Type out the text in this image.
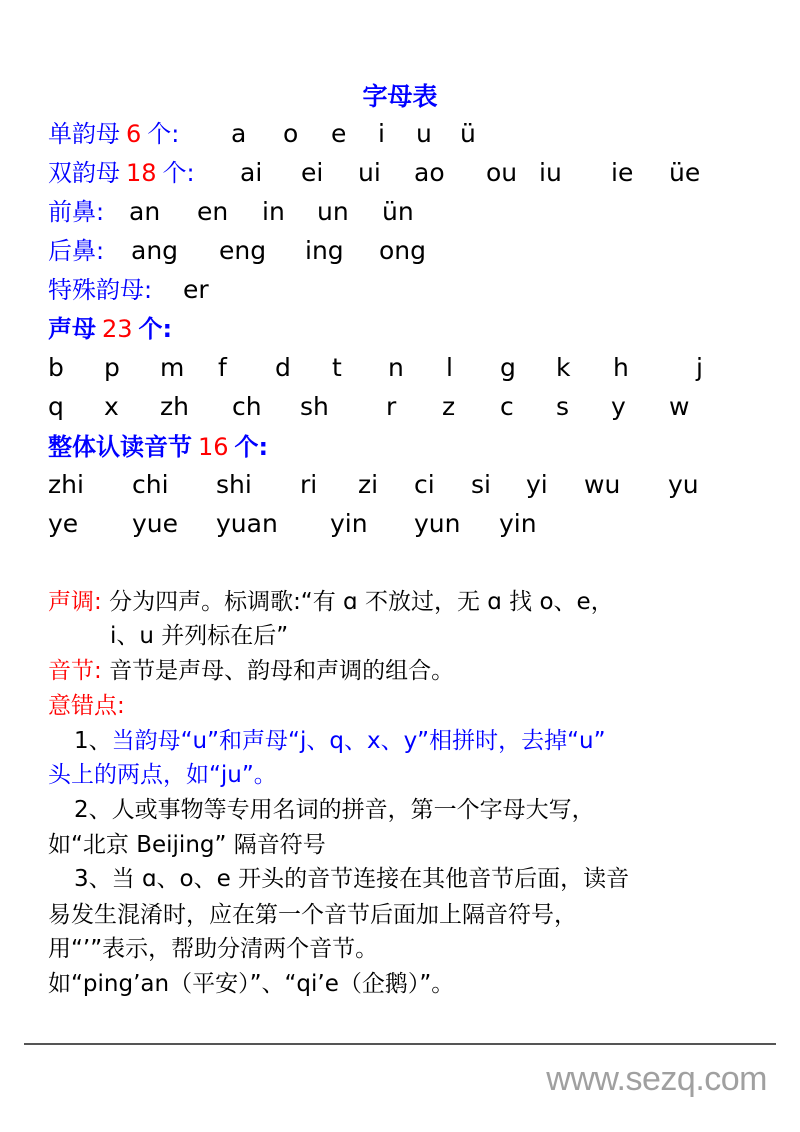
字母表
单韵母 6 个: a o e i u ü
双韵母 18 个: ai ei ui ao ou iu ie üe
前鼻: an en in un ün
后鼻: ang eng ing ong
特殊韵母: er
声母 23 个:
b p m f d t n l g k h	j
q x zh ch sh r z c s y w
整体认读音节 16 个:
zhi chi shi ri zi ci si yi wu yu
ye yue yuan yin yun yin
声调: 分为四声。标调歌:“有 ɑ 不放过，无 ɑ 找 o、e，
i、u 并列标在后”
音节: 音节是声母、韵母和声调的组合。
意错点:
1、当韵母“u”和声母“j、q、x、y”相拼时，去掉“u”
头上的两点，如“ju”。
2、人或事物等专用名词的拼音，第一个字母大写，
如“北京 Beijing” 隔音符号
3、当 ɑ、o、e 开头的音节连接在其他音节后面，读音
易发生混淆时，应在第一个音节后面加上隔音符号，
用“’”表示，帮助分清两个音节。
如“ping’an（平安）”、“qi’e（企鹅）”。
www.sezq.com
